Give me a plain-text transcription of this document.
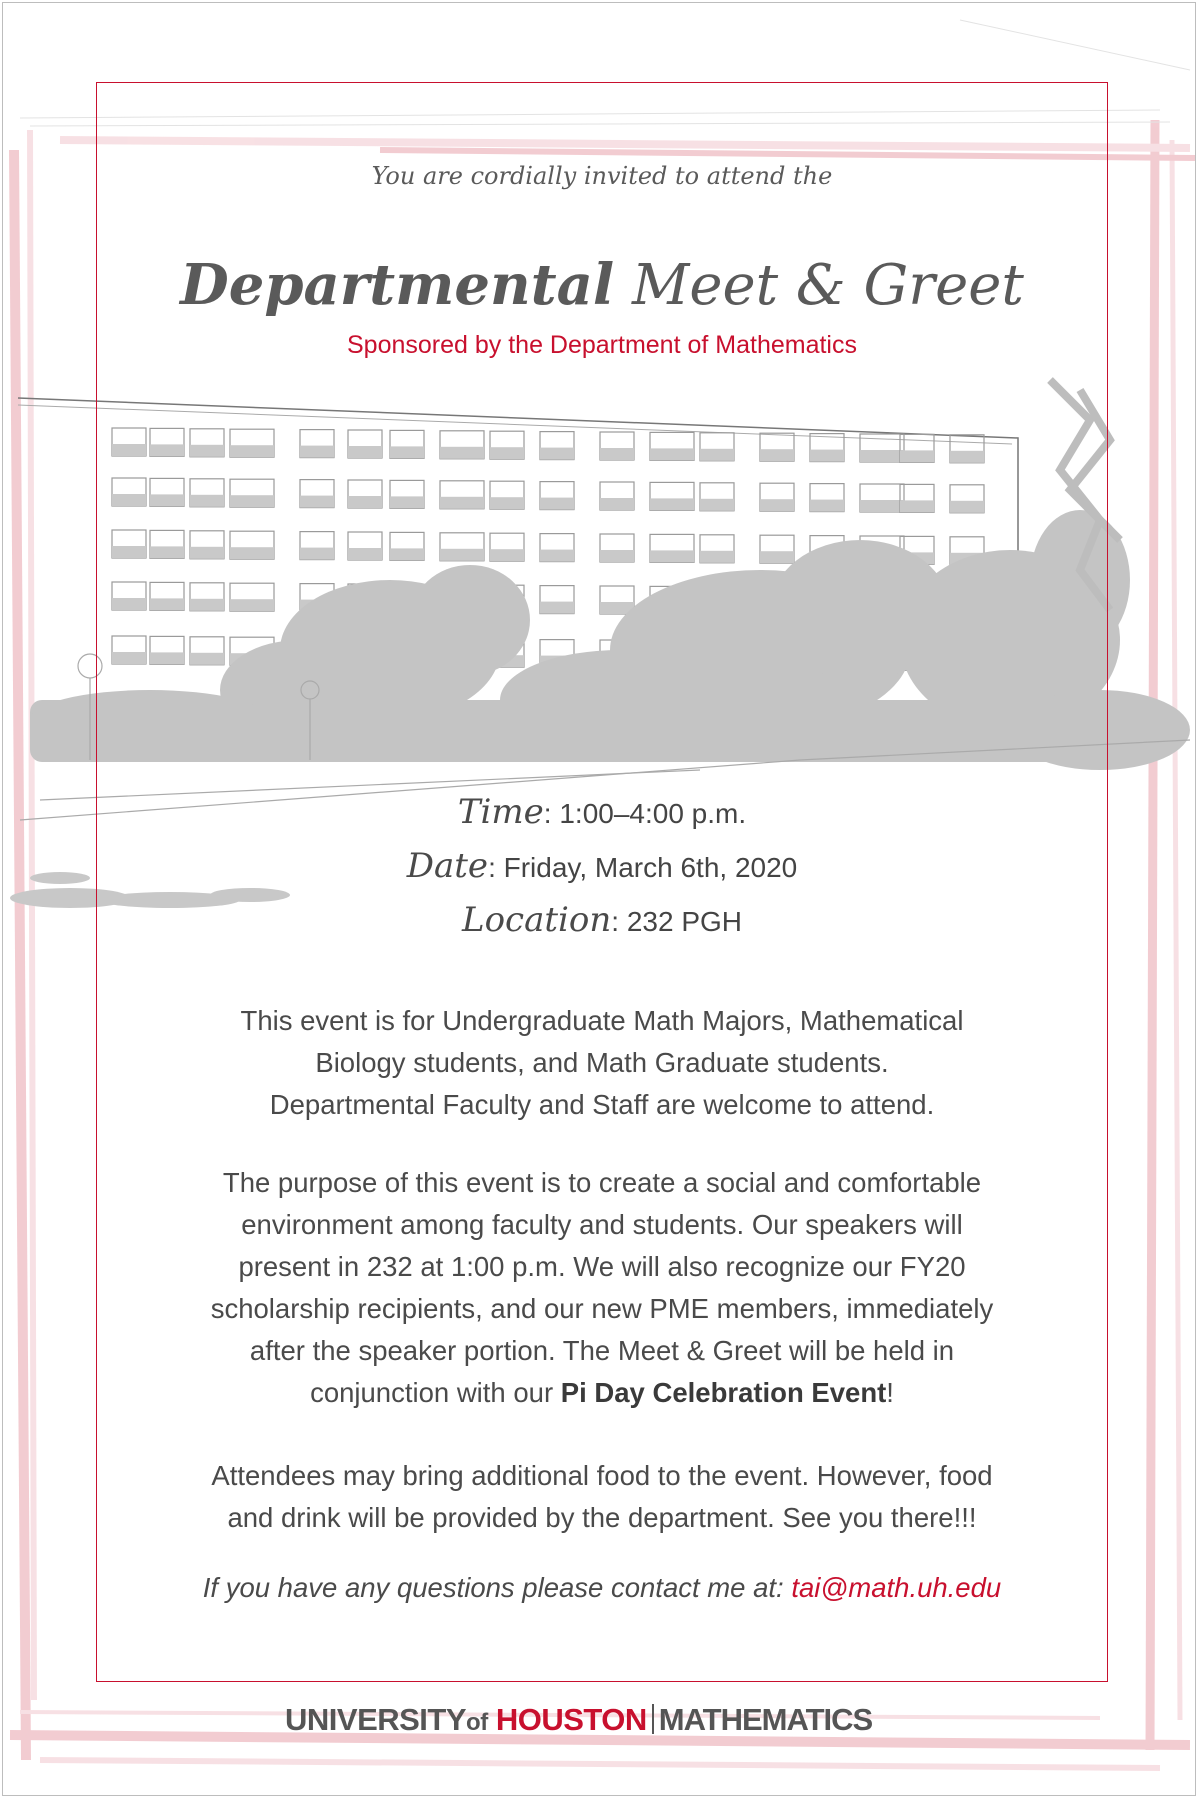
You are cordially invited to attend the
Departmental Meet & Greet
Sponsored by the Department of Mathematics
Time: 1:00–4:00 p.m.
Date: Friday, March 6th, 2020
Location: 232 PGH
This event is for Undergraduate Math Majors, Mathematical
Biology students, and Math Graduate students.
Departmental Faculty and Staff are welcome to attend.
The purpose of this event is to create a social and comfortable
environment among faculty and students. Our speakers will
present in 232 at 1:00 p.m. We will also recognize our FY20
scholarship recipients, and our new PME members, immediately
after the speaker portion. The Meet & Greet will be held in
conjunction with our Pi Day Celebration Event!
Attendees may bring additional food to the event. However, food
and drink will be provided by the department. See you there!!!
If you have any questions please contact me at: tai@math.uh.edu
UNIVERSITYof HOUSTON MATHEMATICS
